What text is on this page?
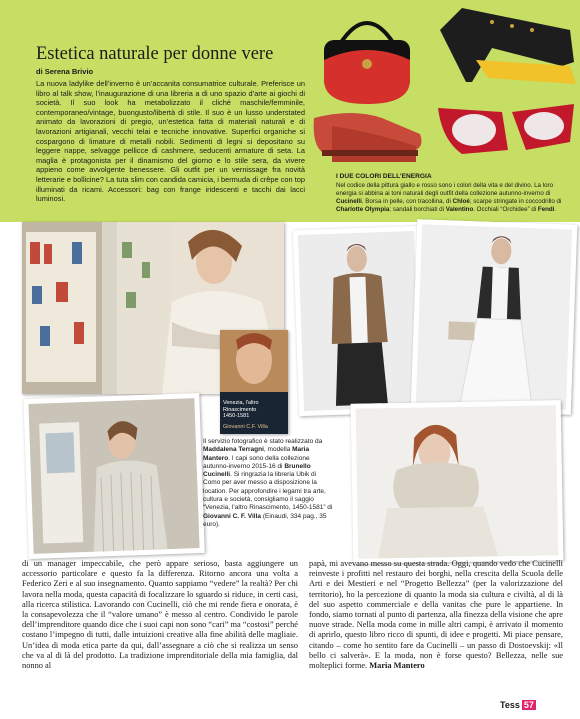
Estetica naturale per donne vere
di Serena Brivio
La nuova ladylike dell’inverno è un’accanita consumatrice culturale. Preferisce un libro al talk show, l’inaugurazione di una libreria a di uno spazio d’arte ai giochi di società. Il suo look ha metabolizzato il cliché maschile/femminile, contemporaneo/vintage, buongusto/libertà di stile. Il suo è un lusso understated animato da lavorazioni di pregio, un’estetica fatta di materiali naturali e di lavorazioni artigianali, vecchi telai e tecniche innovative. Superfici organiche si cospargono di limature di metalli nobili. Sedimenti di legni si depositano su leggere nappe, selvagge pellicce di cashmere, seducenti armature di seta. La maglia è protagonista per il dinamismo del giorno e lo stile sera, da vivere appieno come avvolgente benessere. Gli outfit per un vernissage fra novità letterarie e bollicine? La tuta slim con candida camicia, i bermuda di crêpe con top illuminati da ricami. Accessori: bag con frange iridescenti e tacchi dai lacci luminosi.
I DUE COLORI DELL’ENERGIA
Nel codice della pittura giallo e rosso sono i colori della vita e del divino. La loro energia si abbina ai toni naturali degli outfit della collezione autunno-inverno di Cucinelli. Borsa in pelle, con tracollina, di Chloé; scarpe stringate in coccodrillo di Charlotte Olympia; sandali borchiati di Valentino. Occhiali “Orchidee” di Fendi.
Venezia, l'altro Rinascimento
1450-1581
Giovanni C.F. Villa
Il servizio fotografico è stato realizzato da Maddalena Terragni, modella Maria Mantero. I capi sono della collezione autunno-inverno 2015-16 di Brunello Cucinelli. Si ringrazia la libreria Ubik di Como per aver messo a disposizione la location. Per approfondire i legami tra arte, cultura e società, consigliamo il saggio “Venezia, l’altro Rinascimento, 1450-1581” di Giovanni C. F. Villa (Einaudi, 334 pag., 35 euro).

di un manager impeccabile, che però appare serioso, basta aggiungere un accessorio particolare e questo fa la differenza. Ritorno ancora una volta a Federico Zeri e al suo insegnamento. Quanto sappiamo “vedere” la realtà? Per chi lavora nella moda, questa capacità di focalizzare lo sguardo si riduce, in certi casi, alla ricerca stilistica. Lavorando con Cucinelli, ciò che mi rende fiera e onorata, è la consapevolezza che il “valore umano” è messo al centro. Condivido le parole dell’imprenditore quando dice che i suoi capi non sono “cari” ma “costosi” perché costano l’impegno di tutti, dalle intuizioni creative alla fine abilità delle magliaie. Un’idea di moda etica parte da qui, dall’assegnare a ciò che si realizza un senso che va al di là del prodotto. La tradizione imprenditoriale della mia famiglia, dal nonno al

papà, mi avevano messo su questa strada. Oggi, quando vedo che Cucinelli reinveste i profitti nel restauro dei borghi, nella crescita della Scuola delle Arti e dei Mestieri e nel “Progetto Bellezza” (per la valorizzazione del territorio), ho la percezione di quanto la moda sia cultura e civiltà, al di là del suo aspetto commerciale e della vanitas che pure le appartiene. In fondo, siamo tornati al punto di partenza, alla finezza della visione che apre nuove strade. Nella moda come in mille altri campi, è arrivato il momento di aprirlo, questo libro ricco di spunti, di idee e progetti. Mi piace pensare, citando – come ho sentito fare da Cucinelli – un passo di Dostoevskij: «Il bello ci salverà». E la moda, non è forse questo? Bellezza, nelle sue molteplici forme. Maria Mantero

Tess 57
